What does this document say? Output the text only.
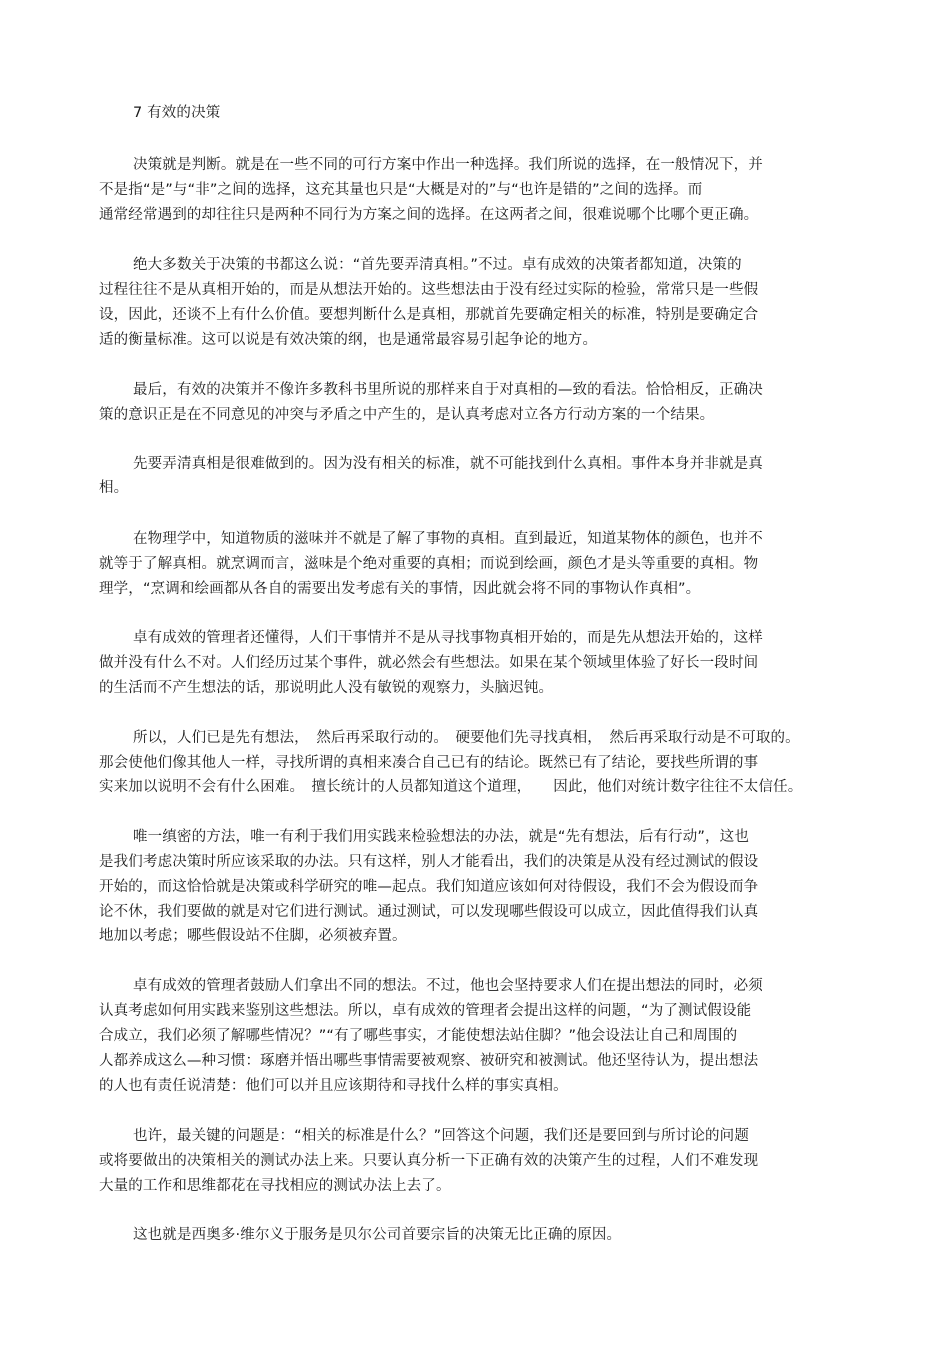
7 有效的决策
决策就是判断。就是在一些不同的可行方案中作出一种选择。我们所说的选择，在一般情况下，并
不是指“是”与“非”之间的选择，这充其量也只是“大概是对的”与“也许是错的”之间的选择。而
通常经常遇到的却往往只是两种不同行为方案之间的选择。在这两者之间，很难说哪个比哪个更正确。
绝大多数关于决策的书都这么说：“首先要弄清真相。”不过。卓有成效的决策者都知道，决策的
过程往往不是从真相开始的，而是从想法开始的。这些想法由于没有经过实际的检验，常常只是一些假
设，因此，还谈不上有什么价值。要想判断什么是真相，那就首先要确定相关的标准，特别是要确定合
适的衡量标准。这可以说是有效决策的纲，也是通常最容易引起争论的地方。
最后，有效的决策并不像许多教科书里所说的那样来自于对真相的—致的看法。恰恰相反，正确决
策的意识正是在不同意见的冲突与矛盾之中产生的，是认真考虑对立各方行动方案的一个结果。
先要弄清真相是很难做到的。因为没有相关的标准，就不可能找到什么真相。事件本身并非就是真
相。
在物理学中，知道物质的滋味并不就是了解了事物的真相。直到最近，知道某物体的颜色，也并不
就等于了解真相。就烹调而言，滋味是个绝对重要的真相；而说到绘画，颜色才是头等重要的真相。物
理学，“烹调和绘画都从各自的需要出发考虑有关的事情，因此就会将不同的事物认作真相”。
卓有成效的管理者还懂得，人们干事情并不是从寻找事物真相开始的，而是先从想法开始的，这样
做并没有什么不对。人们经历过某个事件，就必然会有些想法。如果在某个领域里体验了好长一段时间
的生活而不产生想法的话，那说明此人没有敏锐的观察力，头脑迟钝。
所以，人们已是先有想法，　然后再采取行动的。　硬要他们先寻找真相，　然后再采取行动是不可取的。
那会使他们像其他人一样，寻找所谓的真相来凑合自己已有的结论。既然已有了结论，要找些所谓的事
实来加以说明不会有什么困难。　擅长统计的人员都知道这个道理，　　因此，他们对统计数字往往不太信任。
唯一缜密的方法，唯一有利于我们用实践来检验想法的办法，就是“先有想法，后有行动”，这也
是我们考虑决策时所应该采取的办法。只有这样，别人才能看出，我们的决策是从没有经过测试的假设
开始的，而这恰恰就是决策或科学研究的唯—起点。我们知道应该如何对待假设，我们不会为假设而争
论不休，我们要做的就是对它们进行测试。通过测试，可以发现哪些假设可以成立，因此值得我们认真
地加以考虑；哪些假设站不住脚，必须被弃置。
卓有成效的管理者鼓励人们拿出不同的想法。不过，他也会坚持要求人们在提出想法的同时，必须
认真考虑如何用实践来鉴别这些想法。所以，卓有成效的管理者会提出这样的问题，“为了测试假设能
合成立，我们必须了解哪些情况？”“有了哪些事实，才能使想法站住脚？”他会设法让自己和周围的
人都养成这么—种习惯：琢磨并悟出哪些事情需要被观察、被研究和被测试。他还坚待认为，提出想法
的人也有责任说清楚：他们可以并且应该期待和寻找什么样的事实真相。
也许，最关键的问题是：“相关的标准是什么？”回答这个问题，我们还是要回到与所讨论的问题
或将要做出的决策相关的测试办法上来。只要认真分析一下正确有效的决策产生的过程，人们不难发现
大量的工作和思维都花在寻找相应的测试办法上去了。
这也就是西奥多·维尔义于服务是贝尔公司首要宗旨的决策无比正确的原因。
